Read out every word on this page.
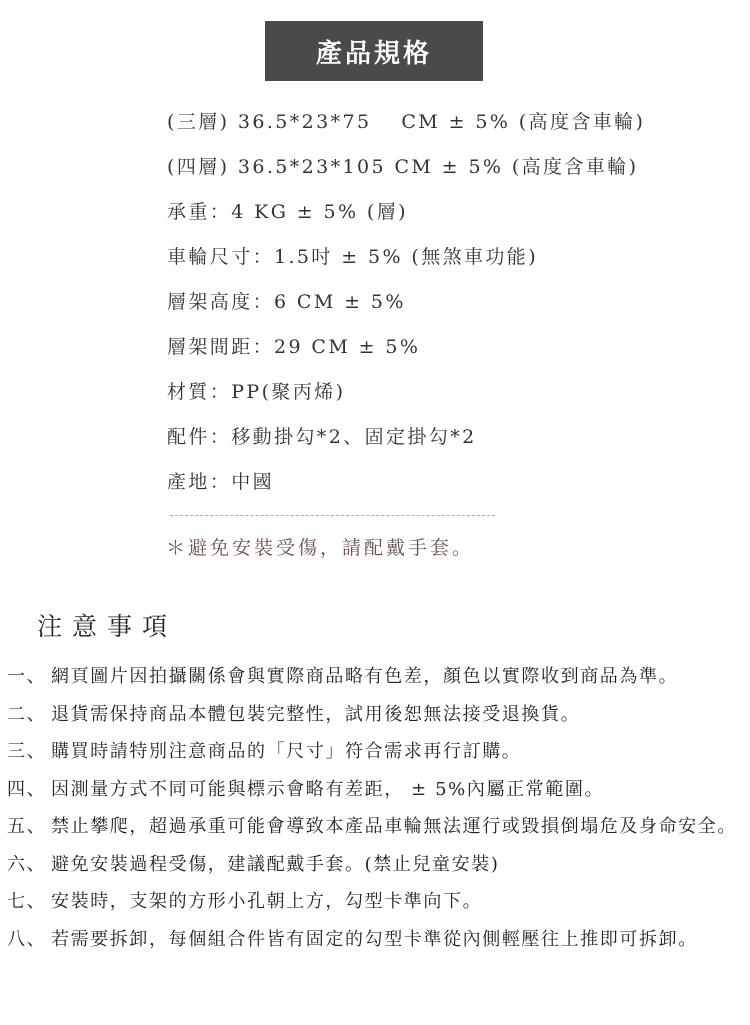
產品規格
(三層) 36.5*23*75　 CM ± 5% (高度含車輪)
(四層) 36.5*23*105 CM ± 5% (高度含車輪)
承重：4 KG ± 5% (層)
車輪尺寸：1.5吋 ± 5% (無煞車功能)
層架高度：6 CM ± 5%
層架間距：29 CM ± 5%
材質：PP(聚丙烯)
配件：移動掛勾*2、固定掛勾*2
產地：中國
＊避免安裝受傷，請配戴手套。
注意事項
一、 網頁圖片因拍攝關係會與實際商品略有色差，顏色以實際收到商品為準。
二、 退貨需保持商品本體包裝完整性，試用後恕無法接受退換貨。
三、 購買時請特別注意商品的「尺寸」符合需求再行訂購。
四、 因測量方式不同可能與標示會略有差距， ± 5%內屬正常範圍。
五、 禁止攀爬，超過承重可能會導致本產品車輪無法運行或毀損倒塌危及身命安全。
六、 避免安裝過程受傷，建議配戴手套。(禁止兒童安裝)
七、 安裝時，支架的方形小孔朝上方，勾型卡準向下。
八、 若需要拆卸，每個組合件皆有固定的勾型卡準從內側輕壓往上推即可拆卸。
